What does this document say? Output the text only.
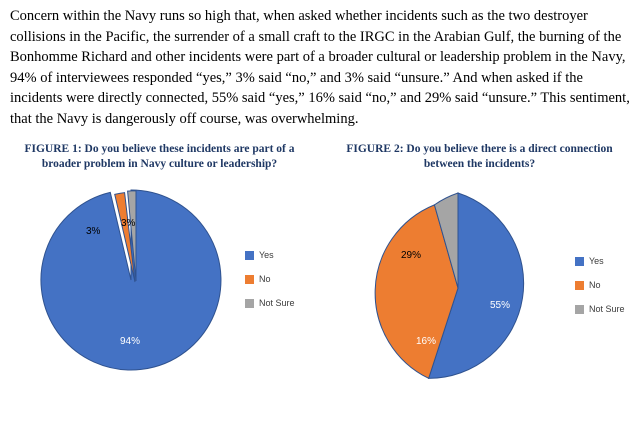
Concern within the Navy runs so high that, when asked whether incidents such as the two destroyer collisions in the Pacific, the surrender of a small craft to the IRGC in the Arabian Gulf, the burning of the Bonhomme Richard and other incidents were part of a broader cultural or leadership problem in the Navy, 94% of interviewees responded “yes,” 3% said “no,” and 3% said “unsure.” And when asked if the incidents were directly connected, 55% said “yes,” 16% said “no,” and 29% said “unsure.” This sentiment, that the Navy is dangerously off course, was overwhelming.
FIGURE 1: Do you believe these incidents are part of a
broader problem in Navy culture or leadership?
94%
3%
3%
Yes
No
Not Sure
FIGURE 2: Do you believe there is a direct connection
between the incidents?
55%
16%
29%	Yes
No
Not Sure
